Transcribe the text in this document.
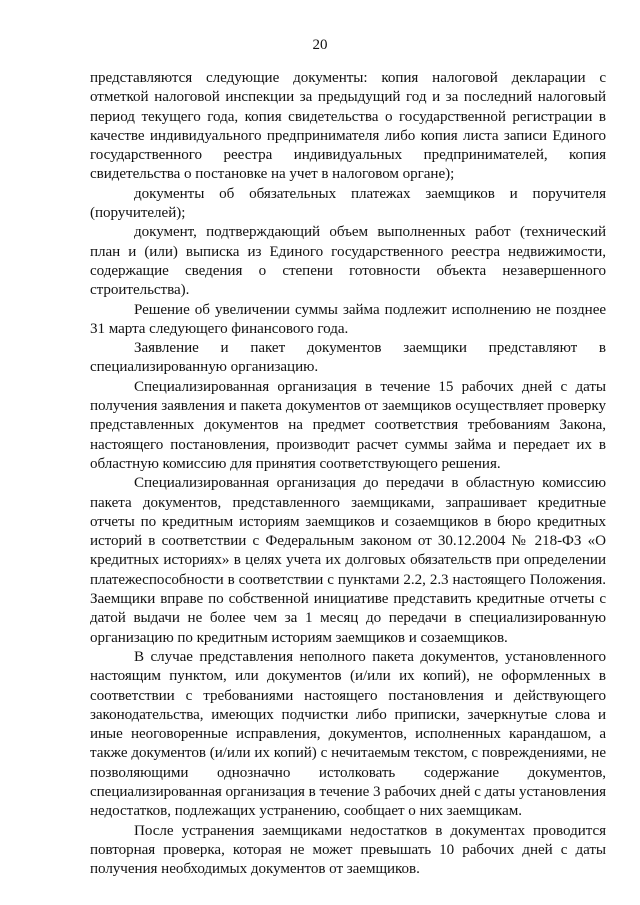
20

представляются следующие документы: копия налоговой декларации с отметкой налоговой инспекции за предыдущий год и за последний налоговый период текущего года, копия свидетельства о государственной регистрации в качестве индивидуального предпринимателя либо копия листа записи Единого государственного реестра индивидуальных предпринимателей, копия свидетельства о постановке на учет в налоговом органе);

документы об обязательных платежах заемщиков и поручителя (поручителей);

документ, подтверждающий объем выполненных работ (технический план и (или) выписка из Единого государственного реестра недвижимости, содержащие сведения о степени готовности объекта незавершенного строительства).

Решение об увеличении суммы займа подлежит исполнению не позднее 31 марта следующего финансового года.

Заявление и пакет документов заемщики представляют в специализированную организацию.

Специализированная организация в течение 15 рабочих дней с даты получения заявления и пакета документов от заемщиков осуществляет проверку представленных документов на предмет соответствия требованиям Закона, настоящего постановления, производит расчет суммы займа и передает их в областную комиссию для принятия соответствующего решения.

Специализированная организация до передачи в областную комиссию пакета документов, представленного заемщиками, запрашивает кредитные отчеты по кредитным историям заемщиков и созаемщиков в бюро кредитных историй в соответствии с Федеральным законом от 30.12.2004 № 218-ФЗ «О кредитных историях» в целях учета их долговых обязательств при определении платежеспособности в соответствии с пунктами 2.2, 2.3 настоящего Положения. Заемщики вправе по собственной инициативе представить кредитные отчеты с датой выдачи не более чем за 1 месяц до передачи в специализированную организацию по кредитным историям заемщиков и созаемщиков.

В случае представления неполного пакета документов, установленного настоящим пунктом, или документов (и/или их копий), не оформленных в соответствии с требованиями настоящего постановления и действующего законодательства, имеющих подчистки либо приписки, зачеркнутые слова и иные неоговоренные исправления, документов, исполненных карандашом, а также документов (и/или их копий) с нечитаемым текстом, с повреждениями, не позволяющими однозначно истолковать содержание документов, специализированная организация в течение 3 рабочих дней с даты установления недостатков, подлежащих устранению, сообщает о них заемщикам.

После устранения заемщиками недостатков в документах проводится повторная проверка, которая не может превышать 10 рабочих дней с даты получения необходимых документов от заемщиков.
